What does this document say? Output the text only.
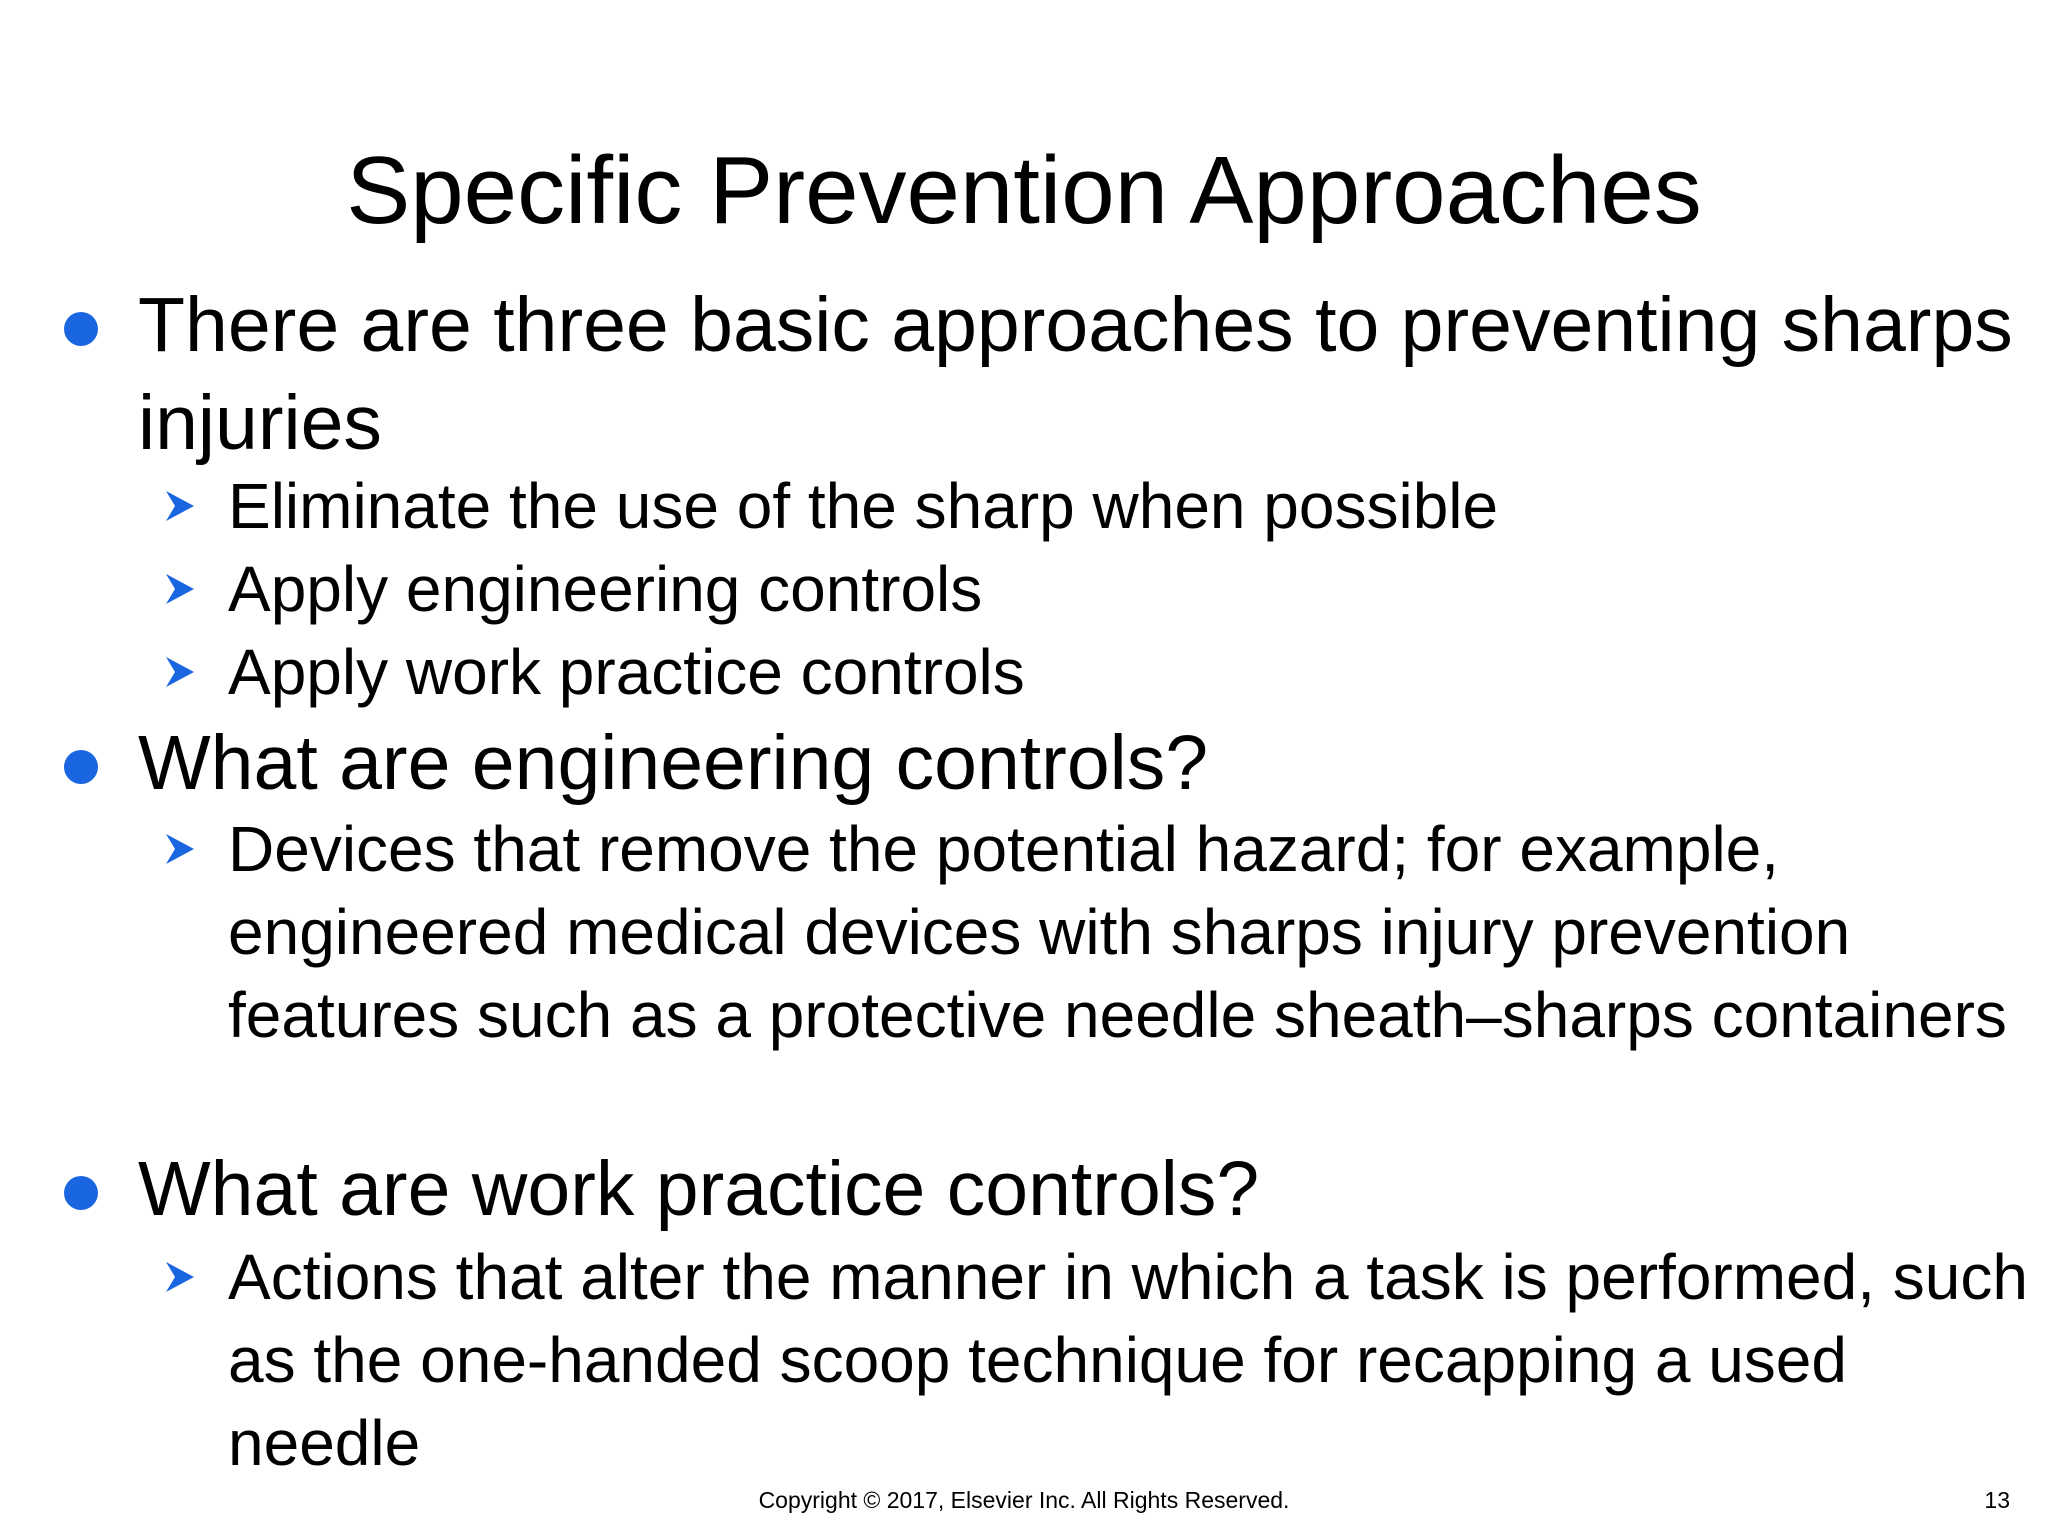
Specific Prevention Approaches
There are three basic approaches to preventing sharps injuries
Eliminate the use of the sharp when possible
Apply engineering controls
Apply work practice controls
What are engineering controls?
Devices that remove the potential hazard; for example, engineered medical devices with sharps injury prevention features such as a protective needle sheath–sharps containers
What are work practice controls?
Actions that alter the manner in which a task is performed, such as the one-handed scoop technique for recapping a used needle
Copyright © 2017, Elsevier Inc. All Rights Reserved.	13
